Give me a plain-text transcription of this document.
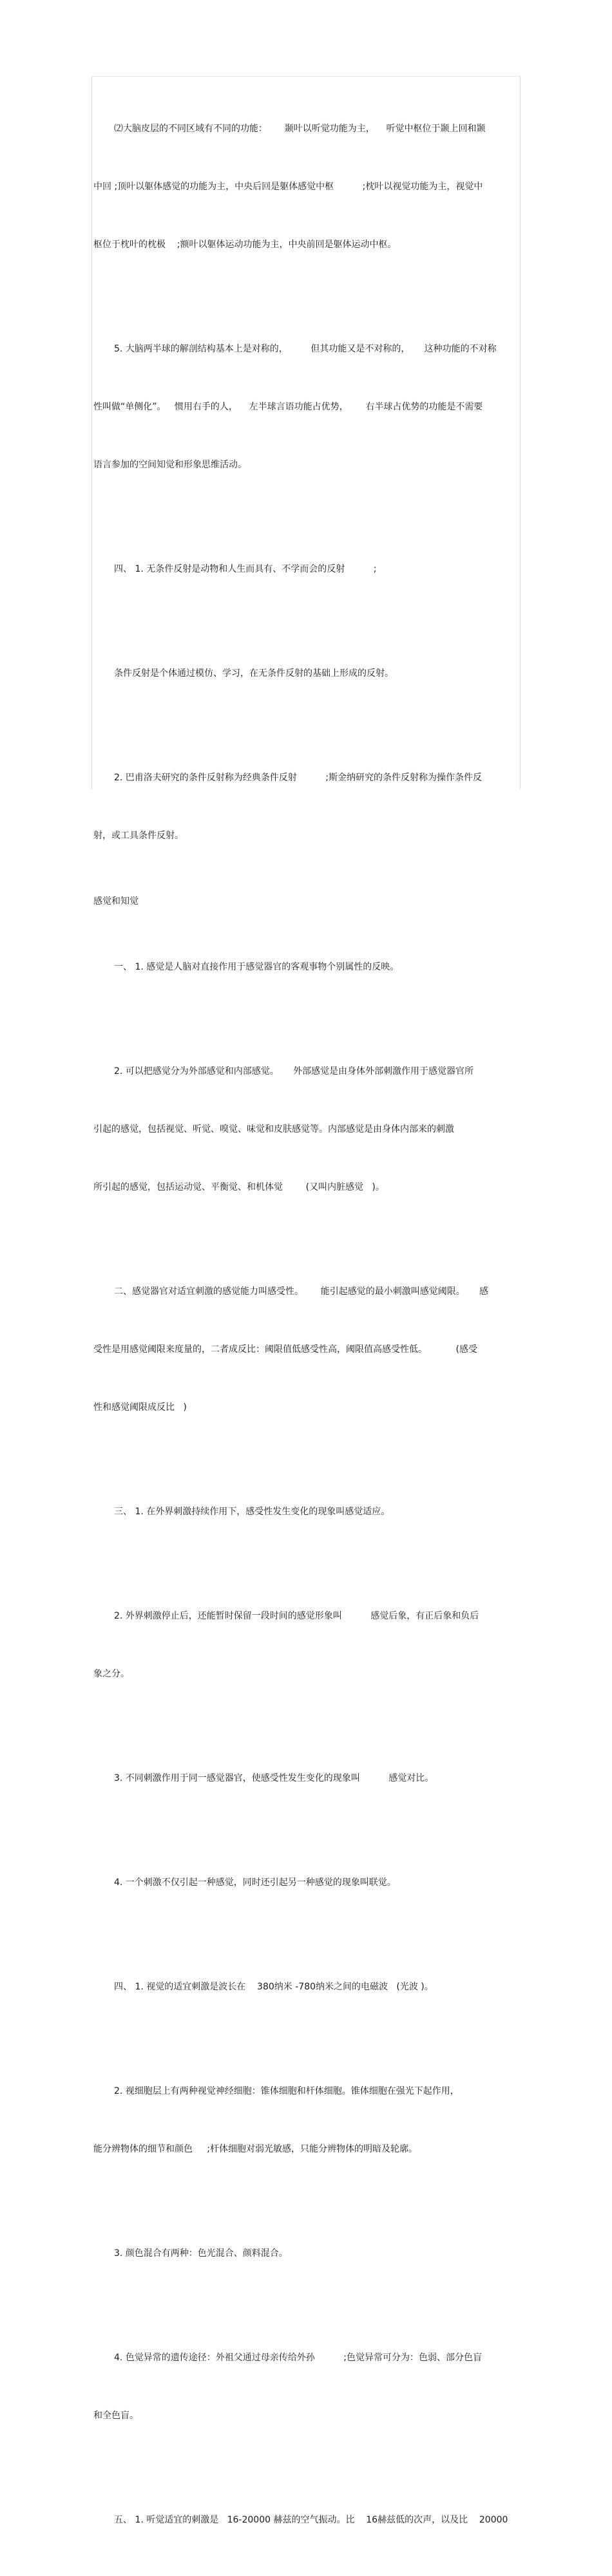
⑵大脑皮层的不同区域有不同的功能：      颞叶以听觉功能为主，    听觉中枢位于颞上回和颞

中回 ;顶叶以躯体感觉的功能为主，中央后回是躯体感觉中枢          ;枕叶以视觉功能为主，视觉中

枢位于枕叶的枕极    ;额叶以躯体运动功能为主，中央前回是躯体运动中枢。

5. 大脑两半球的解剖结构基本上是对称的，        但其功能又是不对称的，     这种功能的不对称

性叫做“单侧化”。   惯用右手的人，    左半球言语功能占优势，      右半球占优势的功能是不需要

语言参加的空间知觉和形象思维活动。

四、 1. 无条件反射是动物和人生而具有、不学而会的反射          ;

条件反射是个体通过模仿、学习，在无条件反射的基础上形成的反射。

2. 巴甫洛夫研究的条件反射称为经典条件反射          ;斯金纳研究的条件反射称为操作条件反

射，或工具条件反射。

感觉和知觉

一、 1. 感觉是人脑对直接作用于感觉器官的客观事物个别属性的反映。

2. 可以把感觉分为外部感觉和内部感觉。     外部感觉是由身体外部刺激作用于感觉器官所

引起的感觉，包括视觉、听觉、嗅觉、味觉和皮肤感觉等。内部感觉是由身体内部来的刺激

所引起的感觉，包括运动觉、平衡觉、和机体觉        (又叫内脏感觉   )。

二、感觉器官对适宜刺激的感觉能力叫感受性。      能引起感觉的最小刺激叫感觉阈限。     感

受性是用感觉阈限来度量的，二者成反比：阈限值低感受性高，阈限值高感受性低。          (感受

性和感觉阈限成反比   )

三、 1. 在外界刺激持续作用下，感受性发生变化的现象叫感觉适应。

2. 外界刺激停止后，还能暂时保留一段时间的感觉形象叫          感觉后象，有正后象和负后

象之分。

3. 不同刺激作用于同一感觉器官，使感受性发生变化的现象叫          感觉对比。

4. 一个刺激不仅引起一种感觉，同时还引起另一种感觉的现象叫联觉。

四、 1. 视觉的适宜刺激是波长在    380纳米 -780纳米之间的电磁波   (光波 )。

2. 视细胞层上有两种视觉神经细胞：锥体细胞和杆体细胞。锥体细胞在强光下起作用，

能分辨物体的细节和颜色     ;杆体细胞对弱光敏感，只能分辨物体的明暗及轮廓。

3. 颜色混合有两种：色光混合、颜料混合。

4. 色觉异常的遗传途径：外祖父通过母亲传给外孙          ;色觉异常可分为：色弱、部分色盲

和全色盲。

五、 1. 听觉适宜的刺激是   16-20000 赫兹的空气振动。比    16赫兹低的次声，以及比    20000
